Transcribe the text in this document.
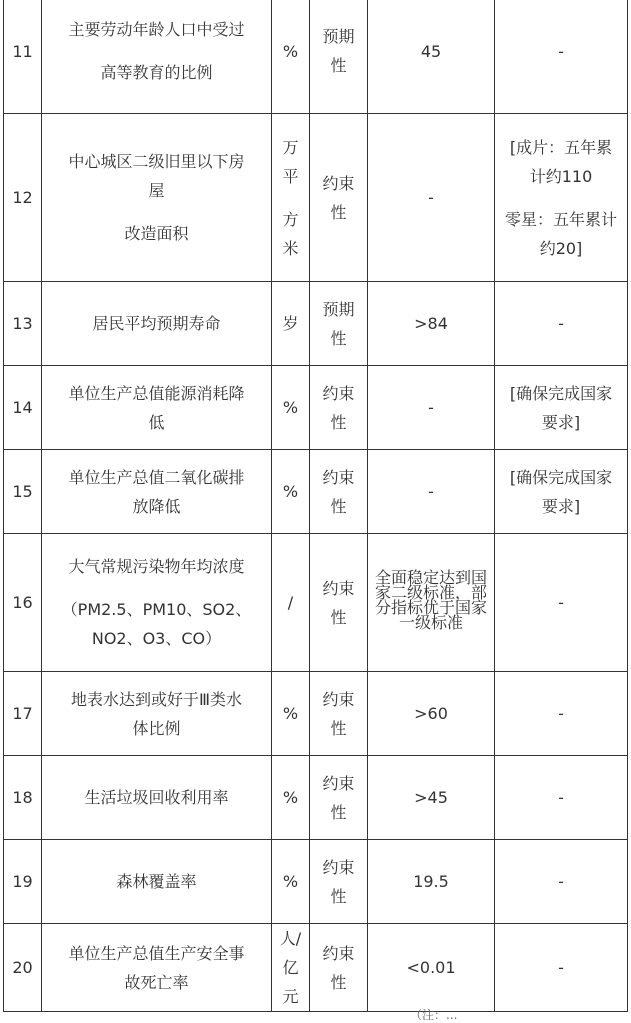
11	主要劳动年龄人口中受过
高等教育的比例	%	预期
性	45	-
12	中心城区二级旧里以下房
屋
改造面积	万平
方米	约束
性	-	[成片：五年累
计约110
零星：五年累计
约20]
13	居民平均预期寿命	岁	预期
性	>84	-
14	单位生产总值能源消耗降
低	%	约束
性	-	[确保完成国家
要求]
15	单位生产总值二氧化碳排
放降低	%	约束
性	-	[确保完成国家
要求]
16	大气常规污染物年均浓度
（PM2.5、PM10、SO2、
NO2、O3、CO）	/	约束
性	全面稳定达到国家二级标准，部分指标优于国家一级标准	-
17	地表水达到或好于Ⅲ类水
体比例	%	约束
性	>60	-
18	生活垃圾回收利用率	%	约束
性	>45	-
19	森林覆盖率	%	约束
性	19.5	-
20	单位生产总值生产安全事
故死亡率	人/
亿元	约束
性	<0.01	-
（注：...
